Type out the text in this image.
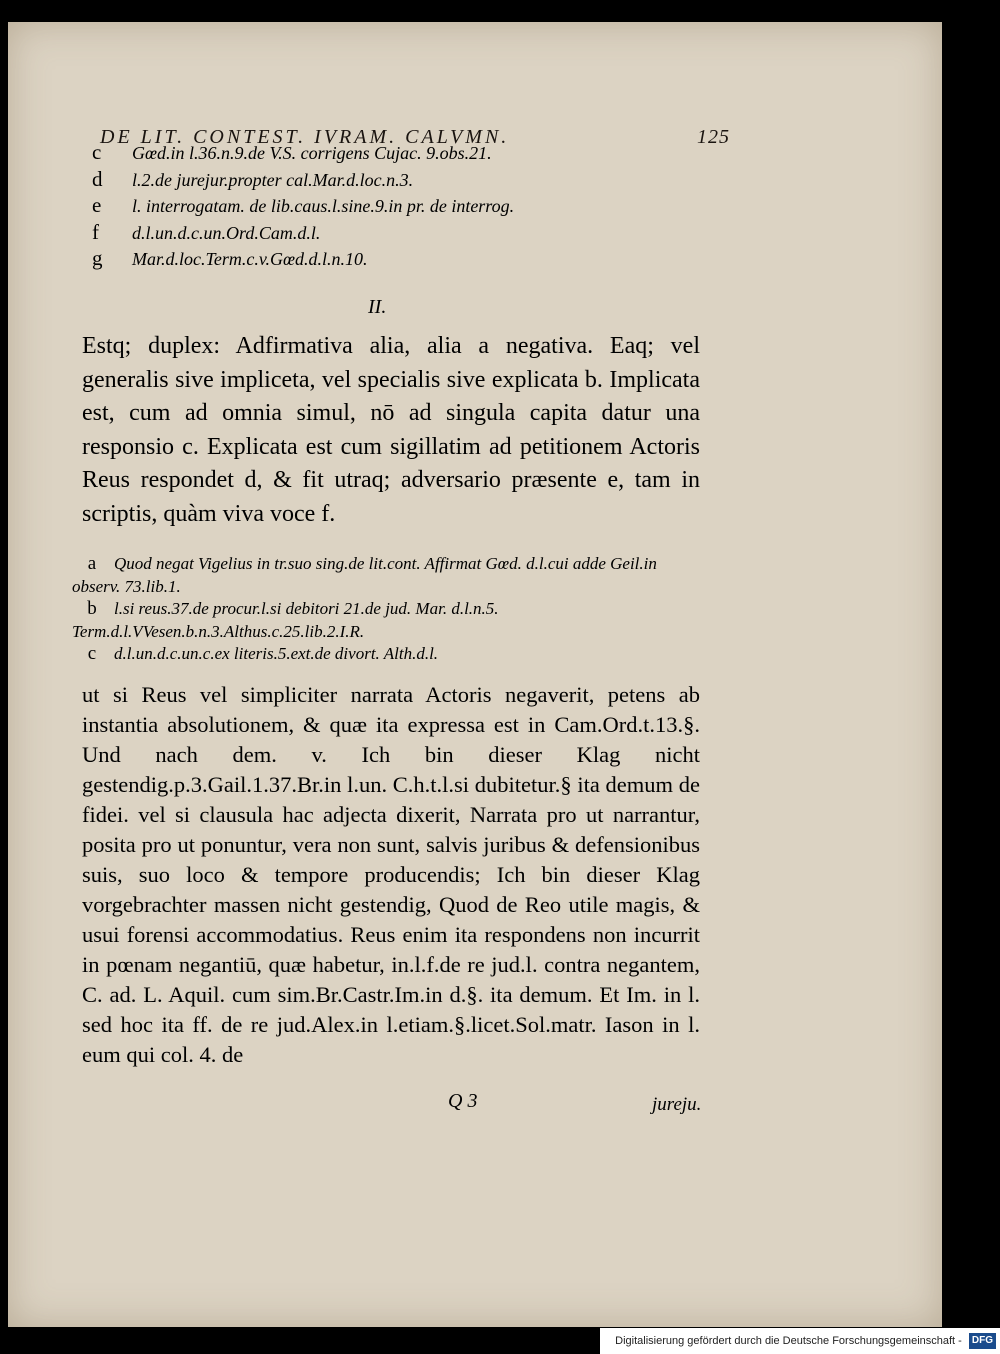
DE LIT. CONTEST. IVRAM. CALVMN.	125
c Gœd.in l.36.n.9.de V.S. corrigens Cujac. 9.obs.21.
d l.2.de jurejur.propter cal.Mar.d.loc.n.3.
e l. interrogatam. de lib.caus.l.sine.9.in pr. de interrog.
f d.l.un.d.c.un.Ord.Cam.d.l.
g Mar.d.loc.Term.c.v.Gœd.d.l.n.10.
II.

Estq; duplex: Adfirmativa alia, alia a negativa. Eaq; vel generalis sive impliceta, vel specialis sive explicata b. Implicata est, cum ad omnia simul, nō ad singula capita datur una responsio c. Explicata est cum sigillatim ad petitionem Actoris Reus respondet d, & fit utraq; adversario præsente e, tam in scriptis, quàm viva voce f.

a Quod negat Vigelius in tr.suo sing.de lit.cont. Affirmat Gœd. d.l.cui adde Geil.in observ. 73.lib.1.
b l.si reus.37.de procur.l.si debitori 21.de jud. Mar. d.l.n.5. Term.d.l.VVesen.b.n.3.Althus.c.25.lib.2.I.R.
c d.l.un.d.c.un.c.ex literis.5.ext.de divort. Alth.d.l.

ut si Reus vel simpliciter narrata Actoris negaverit, petens ab instantia absolutionem, & quæ ita expressa est in Cam.Ord.t.13.§. Und nach dem. v. Ich bin dieser Klag nicht gestendig.p.3.Gail.1.37.Br.in l.un. C.h.t.l.si dubitetur.§ ita demum de fidei. vel si clausula hac adjecta dixerit, Narrata pro ut narrantur, posita pro ut ponuntur, vera non sunt, salvis juribus & defensionibus suis, suo loco & tempore producendis; Ich bin dieser Klag vorgebrachter massen nicht gestendig, Quod de Reo utile magis, & usui forensi accommodatius. Reus enim ita respondens non incurrit in pœnam negantiū, quæ habetur, in.l.f.de re jud.l. contra negantem, C. ad. L. Aquil. cum sim.Br.Castr.Im.in d.§. ita demum. Et Im. in l. sed hoc ita ff. de re jud.Alex.in l.etiam.§.licet.Sol.matr. Iason in l. eum qui col. 4. de

Q 3	jureju.
Digitalisierung gefördert durch die Deutsche Forschungsgemeinschaft - DFG
